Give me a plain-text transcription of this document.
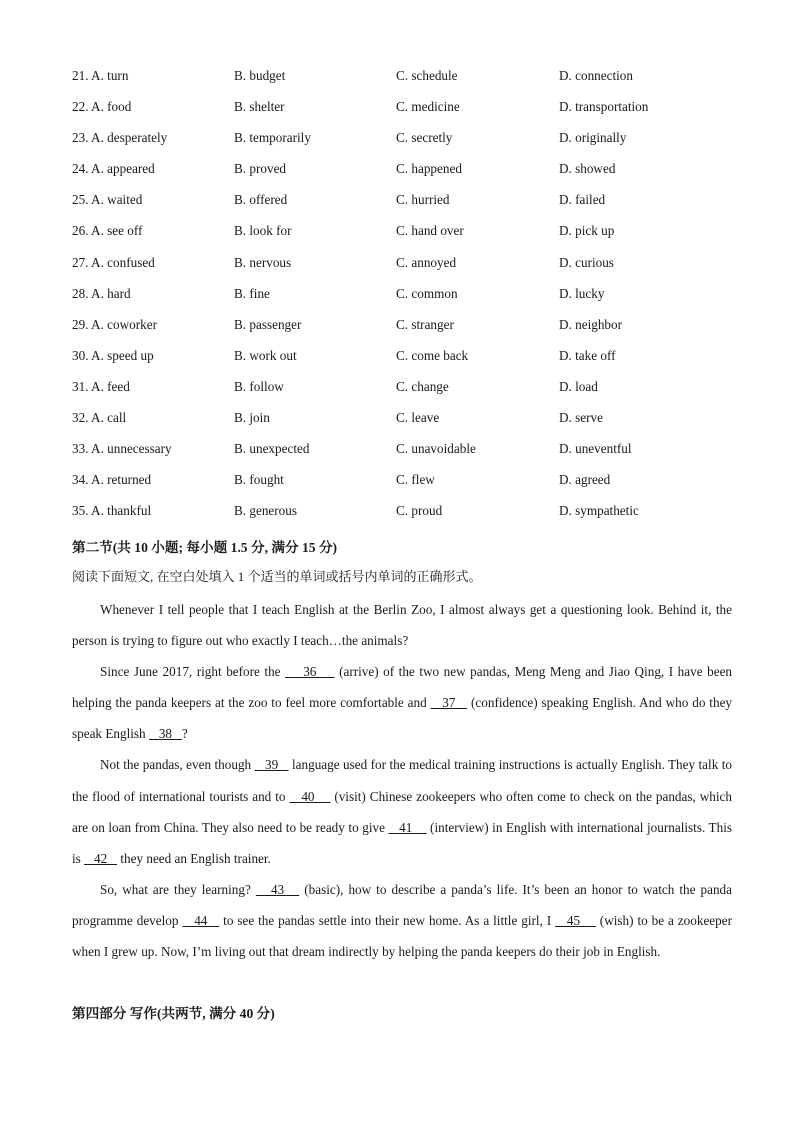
21. A. turn	B. budget	C. schedule	D. connection
22. A. food	B. shelter	C. medicine	D. transportation
23. A. desperately	B. temporarily	C. secretly	D. originally
24. A. appeared	B. proved	C. happened	D. showed
25. A. waited	B. offered	C. hurried	D. failed
26. A. see off	B. look for	C. hand over	D. pick up
27. A. confused	B. nervous	C. annoyed	D. curious
28. A. hard	B. fine	C. common	D. lucky
29. A. coworker	B. passenger	C. stranger	D. neighbor
30. A. speed up	B. work out	C. come back	D. take off
31. A. feed	B. follow	C. change	D. load
32. A. call	B. join	C. leave	D. serve
33. A. unnecessary	B. unexpected	C. unavoidable	D. uneventful
34. A. returned	B. fought	C. flew	D. agreed
35. A. thankful	B. generous	C. proud	D. sympathetic
第二节(共 10 小题; 每小题 1.5 分, 满分 15 分)
阅读下面短文, 在空白处填入 1 个适当的单词或括号内单词的正确形式。

Whenever I tell people that I teach English at the Berlin Zoo, I almost always get a questioning look. Behind it, the person is trying to figure out who exactly I teach…the animals?

Since June 2017, right before the     36     (arrive) of the two new pandas, Meng Meng and Jiao Qing, I have been helping the panda keepers at the zoo to feel more comfortable and    37    (confidence) speaking English. And who do they speak English    38   ?

Not the pandas, even though    39    language used for the medical training instructions is actually English. They talk to the flood of international tourists and to    40     (visit) Chinese zookeepers who often come to check on the pandas, which are on loan from China. They also need to be ready to give    41     (interview) in English with international journalists. This is    42    they need an English trainer.

So, what are they learning?    43    (basic), how to describe a panda’s life. It’s been an honor to watch the panda programme develop    44    to see the pandas settle into their new home. As a little girl, I    45     (wish) to be a zookeeper when I grew up. Now, I’m living out that dream indirectly by helping the panda keepers do their job in English.

第四部分 写作(共两节, 满分 40 分)
